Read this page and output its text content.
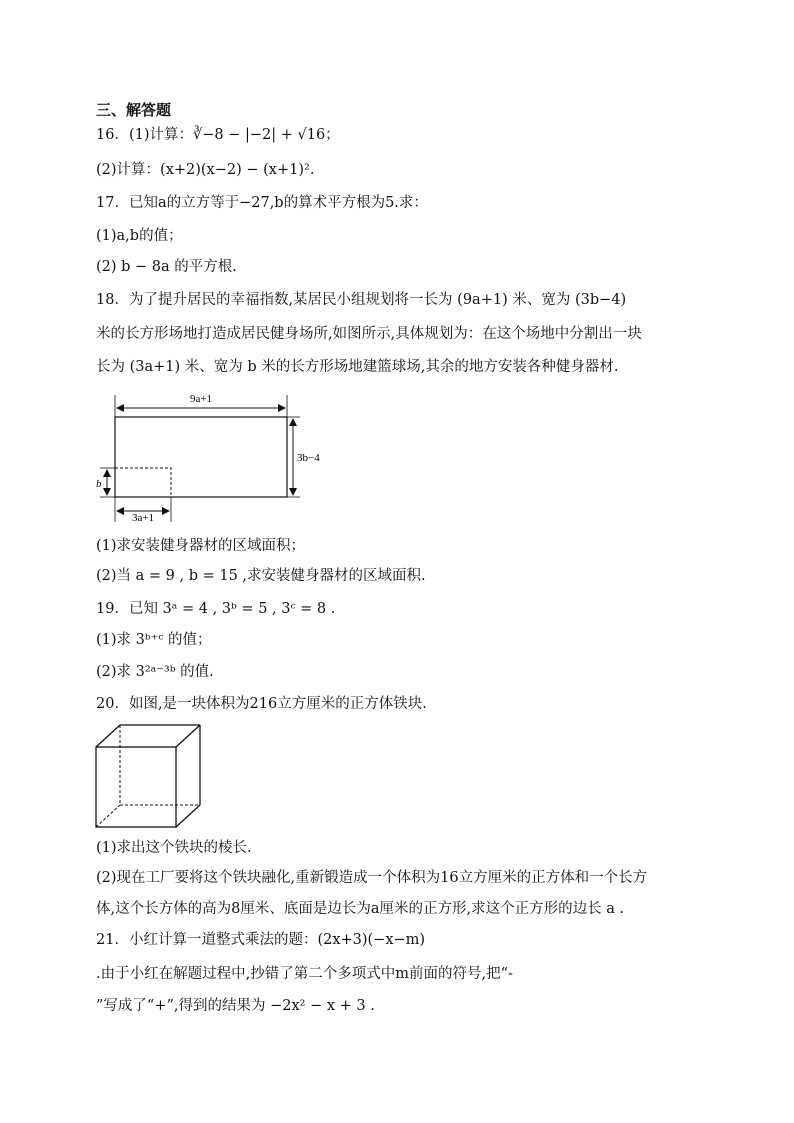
三、解答题
16．(1)计算：∛−8 − |−2| + √16；
(2)计算：(x+2)(x−2) − (x+1)².
17．已知a的立方等于−27,b的算术平方根为5.求：
(1)a,b的值；
(2) b − 8a 的平方根.
18．为了提升居民的幸福指数,某居民小组规划将一长为 (9a+1) 米、宽为 (3b−4)
米的长方形场地打造成居民健身场所,如图所示,具体规划为：在这个场地中分割出一块
长为 (3a+1) 米、宽为 b 米的长方形场地建篮球场,其余的地方安装各种健身器材.
9a+1
3b−4
b
3a+1
(1)求安装健身器材的区域面积；
(2)当 a = 9 , b = 15 ,求安装健身器材的区域面积.
19．已知 3ᵃ = 4 , 3ᵇ = 5 , 3ᶜ = 8 .
(1)求 3ᵇ⁺ᶜ 的值；
(2)求 3²ᵃ⁻³ᵇ 的值.
20．如图,是一块体积为216立方厘米的正方体铁块.
(1)求出这个铁块的棱长.
(2)现在工厂要将这个铁块融化,重新锻造成一个体积为16立方厘米的正方体和一个长方
体,这个长方体的高为8厘米、底面是边长为a厘米的正方形,求这个正方形的边长 a .
21．小红计算一道整式乘法的题：(2x+3)(−x−m)
.由于小红在解题过程中,抄错了第二个多项式中m前面的符号,把“-
”写成了“+”,得到的结果为 −2x² − x + 3 .
